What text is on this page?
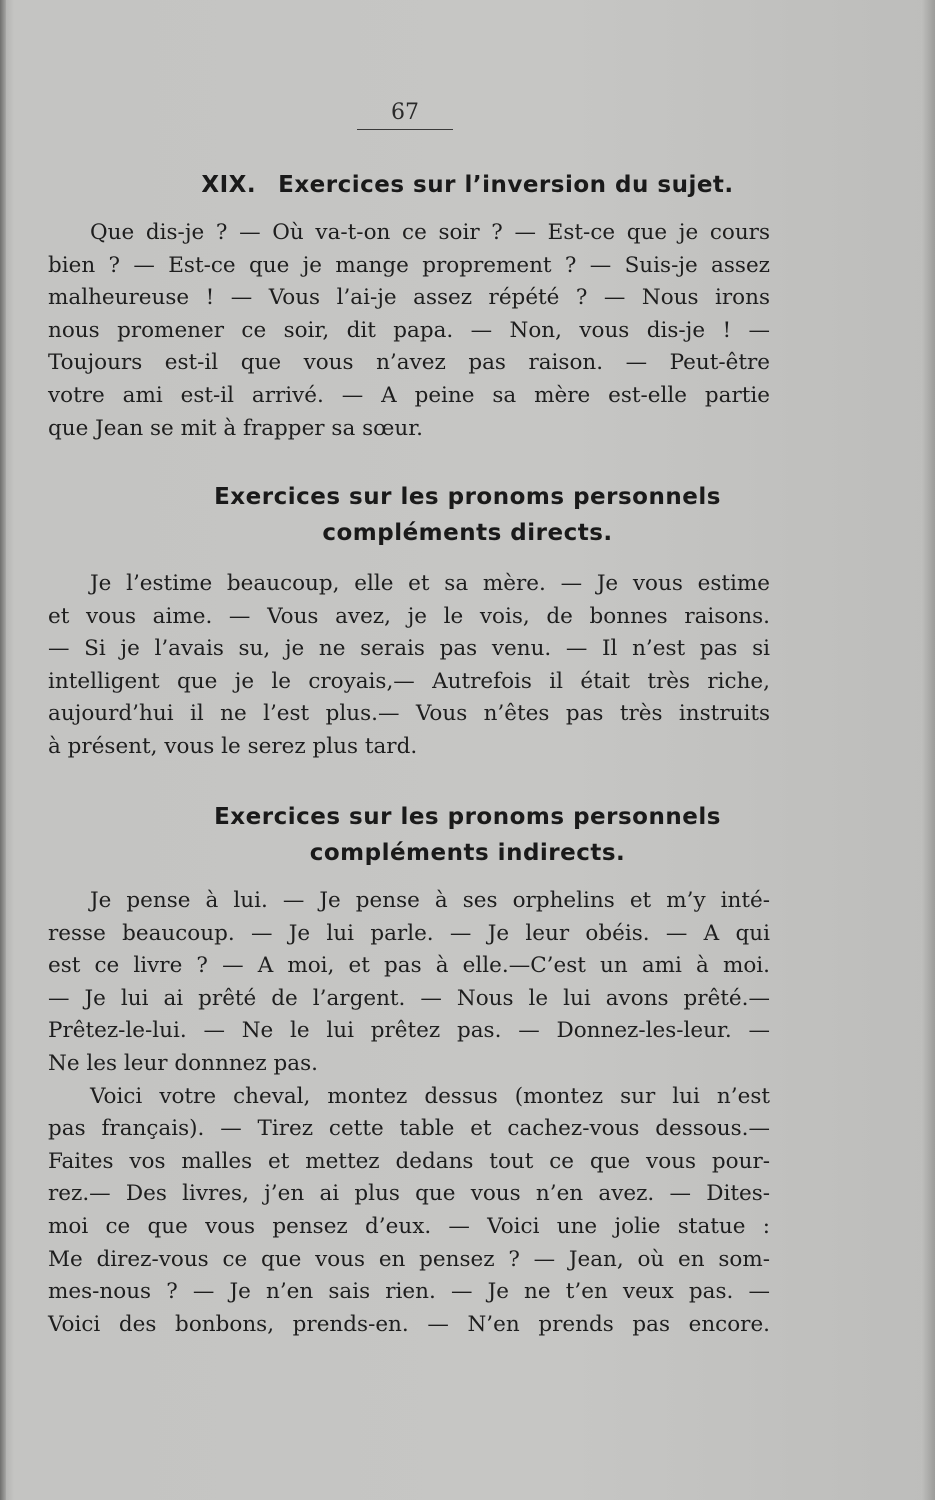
67
XIX. Exercices sur l’inversion du sujet.
Que dis-je ? — Où va-t-on ce soir ? — Est-ce que je cours
bien ? — Est-ce que je mange proprement ? — Suis-je assez
malheureuse ! — Vous l’ai-je assez répété ? — Nous irons
nous promener ce soir, dit papa. — Non, vous dis-je ! —
Toujours est-il que vous n’avez pas raison. — Peut-être
votre ami est-il arrivé. — A peine sa mère est-elle partie
que Jean se mit à frapper sa sœur.
Exercices sur les pronoms personnels
compléments directs.
Je l’estime beaucoup, elle et sa mère. — Je vous estime
et vous aime. — Vous avez, je le vois, de bonnes raisons.
— Si je l’avais su, je ne serais pas venu. — Il n’est pas si
intelligent que je le croyais,— Autrefois il était très riche,
aujourd’hui il ne l’est plus.— Vous n’êtes pas très instruits
à présent, vous le serez plus tard.
Exercices sur les pronoms personnels
compléments indirects.
Je pense à lui. — Je pense à ses orphelins et m’y inté-
resse beaucoup. — Je lui parle. — Je leur obéis. — A qui
est ce livre ? — A moi, et pas à elle.—C’est un ami à moi.
— Je lui ai prêté de l’argent. — Nous le lui avons prêté.—
Prêtez-le-lui. — Ne le lui prêtez pas. — Donnez-les-leur. —
Ne les leur donnnez pas.
Voici votre cheval, montez dessus (montez sur lui n’est
pas français). — Tirez cette table et cachez-vous dessous.—
Faites vos malles et mettez dedans tout ce que vous pour-
rez.— Des livres, j’en ai plus que vous n’en avez. — Dites-
moi ce que vous pensez d’eux. — Voici une jolie statue :
Me direz-vous ce que vous en pensez ? — Jean, où en som-
mes-nous ? — Je n’en sais rien. — Je ne t’en veux pas. —
Voici des bonbons, prends-en. — N’en prends pas encore.
